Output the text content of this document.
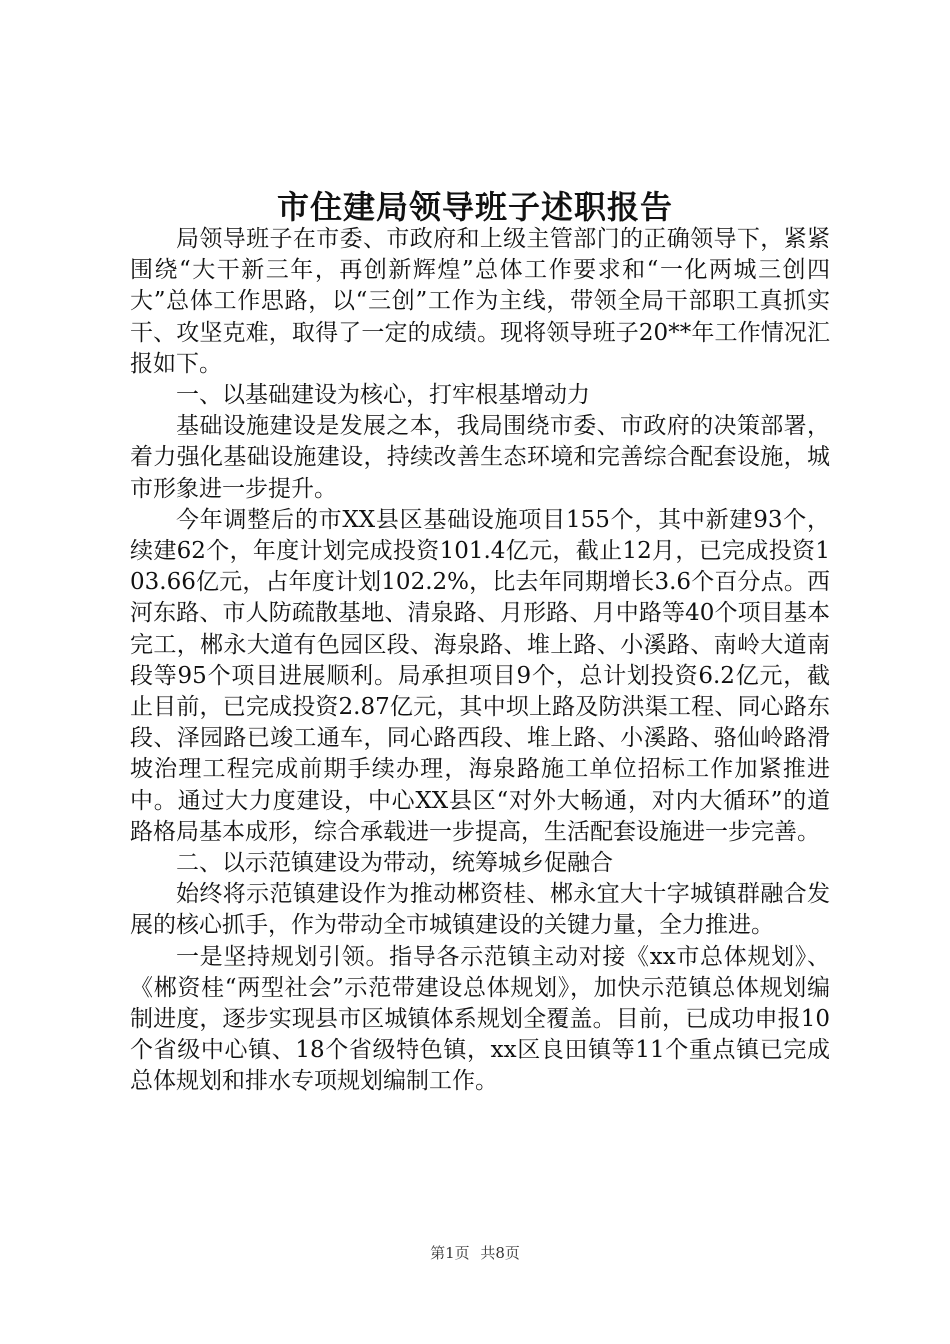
市住建局领导班子述职报告

局领导班子在市委、市政府和上级主管部门的正确领导下，紧紧围绕“大干新三年，再创新辉煌”总体工作要求和“一化两城三创四大”总体工作思路，以“三创”工作为主线，带领全局干部职工真抓实干、攻坚克难，取得了一定的成绩。现将领导班子20**年工作情况汇报如下。

一、以基础建设为核心，打牢根基增动力

基础设施建设是发展之本，我局围绕市委、市政府的决策部署，着力强化基础设施建设，持续改善生态环境和完善综合配套设施，城市形象进一步提升。

今年调整后的市XX县区基础设施项目155个，其中新建93个，续建62个，年度计划完成投资101.4亿元，截止12月，已完成投资103.66亿元，占年度计划102.2%，比去年同期增长3.6个百分点。西河东路、市人防疏散基地、清泉路、月形路、月中路等40个项目基本完工，郴永大道有色园区段、海泉路、堆上路、小溪路、南岭大道南段等95个项目进展顺利。局承担项目9个，总计划投资6.2亿元，截止目前，已完成投资2.87亿元，其中坝上路及防洪渠工程、同心路东段、泽园路已竣工通车，同心路西段、堆上路、小溪路、骆仙岭路滑坡治理工程完成前期手续办理，海泉路施工单位招标工作加紧推进中。通过大力度建设，中心XX县区“对外大畅通，对内大循环”的道路格局基本成形，综合承载进一步提高，生活配套设施进一步完善。

二、以示范镇建设为带动，统筹城乡促融合

始终将示范镇建设作为推动郴资桂、郴永宜大十字城镇群融合发展的核心抓手，作为带动全市城镇建设的关键力量，全力推进。

一是坚持规划引领。指导各示范镇主动对接《xx市总体规划》、《郴资桂“两型社会”示范带建设总体规划》，加快示范镇总体规划编制进度，逐步实现县市区城镇体系规划全覆盖。目前，已成功申报10个省级中心镇、18个省级特色镇，xx区良田镇等11个重点镇已完成总体规划和排水专项规划编制工作。

第1页 共8页
